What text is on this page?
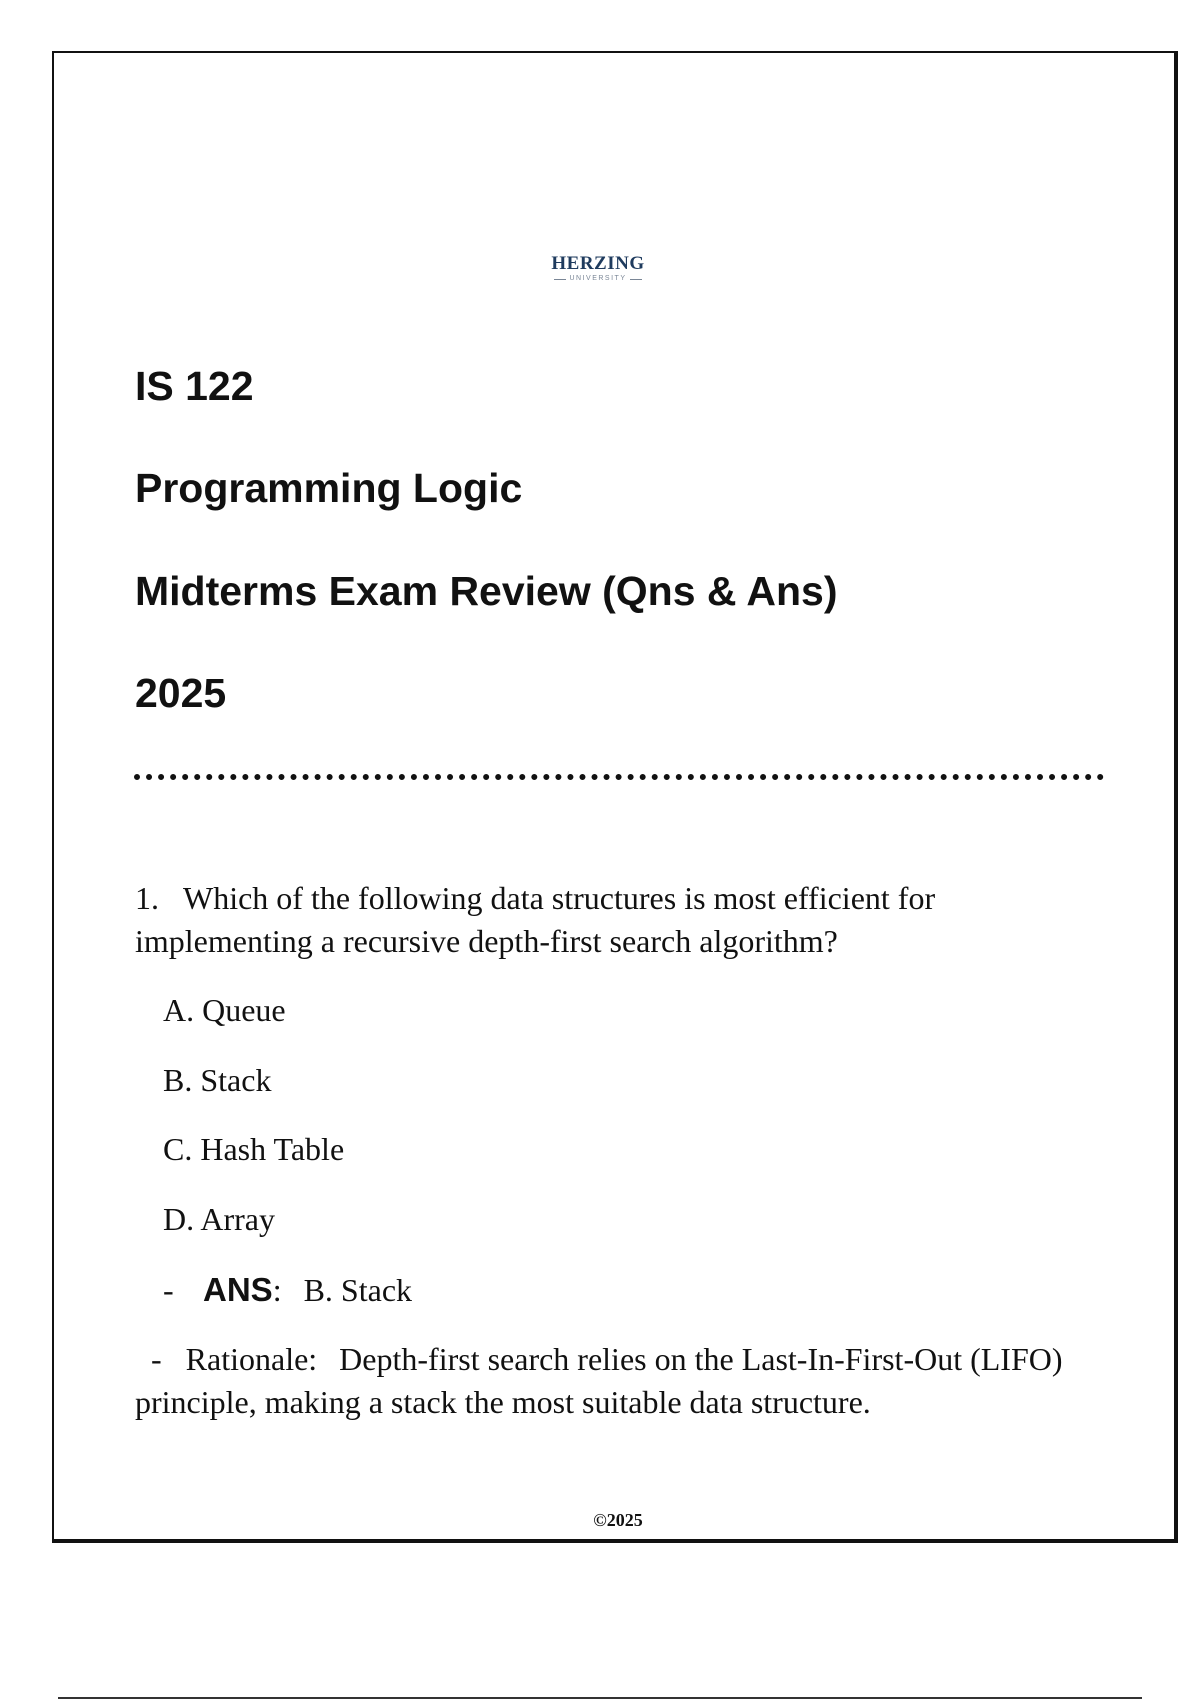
HERZING
UNIVERSITY
IS 122
Programming Logic
Midterms Exam Review (Qns & Ans)
2025
1. Which of the following data structures is most efficient for implementing a recursive depth-first search algorithm?
A. Queue
B. Stack
C. Hash Table
D. Array
- ANS: B. Stack
- Rationale: Depth-first search relies on the Last-In-First-Out (LIFO) principle, making a stack the most suitable data structure.
©2025
